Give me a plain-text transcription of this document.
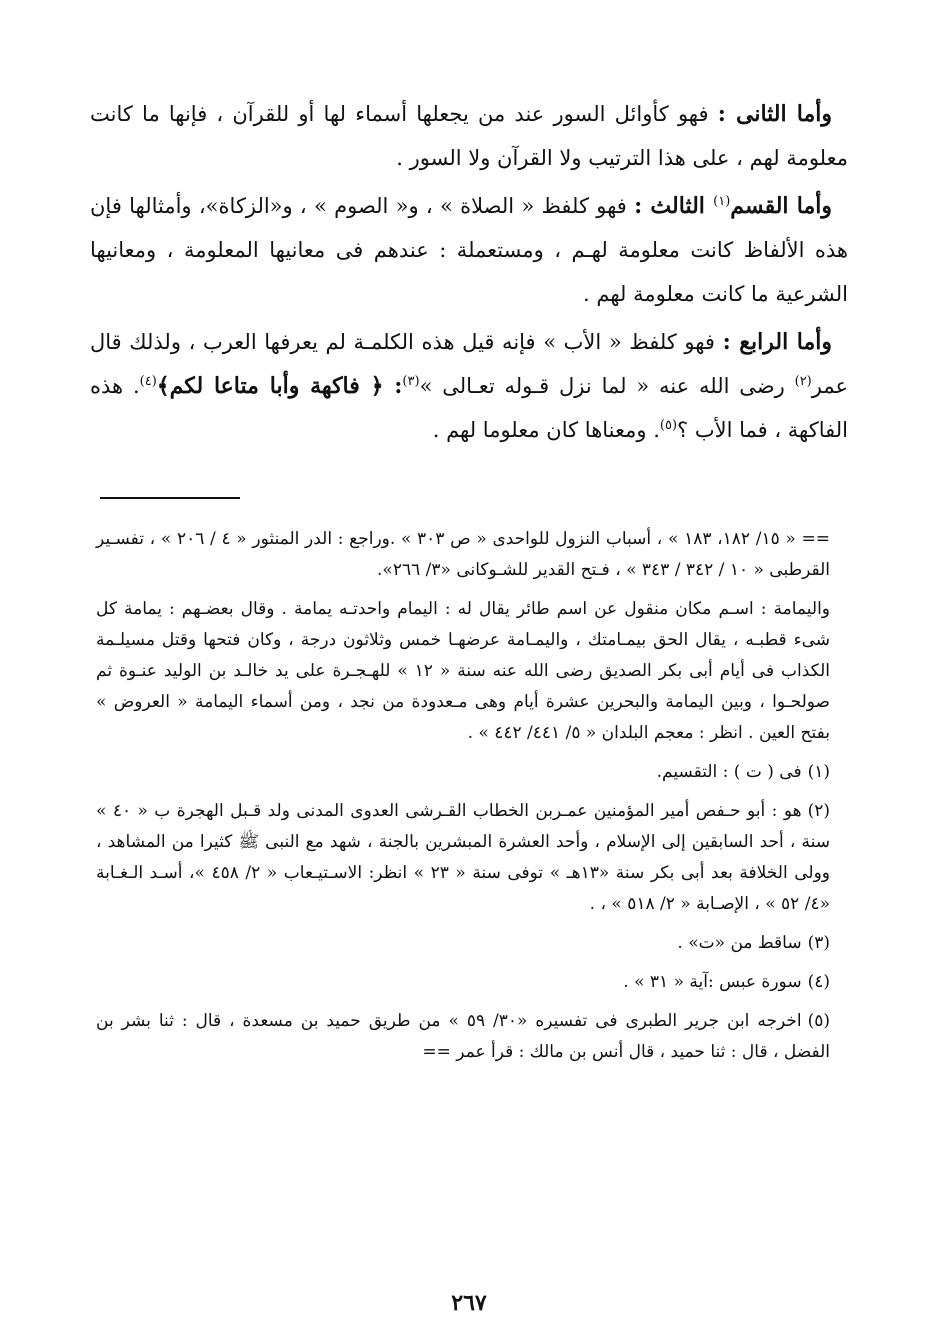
وأما الثانى : فهو كأوائل السور عند من يجعلها أسماء لها أو للقرآن ، فإنها ما كانت معلومة لهم ، على هذا الترتيب ولا القرآن ولا السور .

وأما القسم$^{(١)}$ الثالث : فهو كلفظ « الصلاة » ، و« الصوم » ، و«الزكاة»، وأمثالها فإن هذه الألفاظ كانت معلومة لهـم ، ومستعملة : عندهم فى معانيها المعلومة ، ومعانيها الشرعية ما كانت معلومة لهم .

وأما الرابع : فهو كلفظ « الأب » فإنه قيل هذه الكلمـة لم يعرفها العرب ، ولذلك قال عمر$^{(٢)}$ رضى الله عنه « لما نزل قـوله تعـالى »$^{(٣)}$: ﴿ فاكهة وأبا متاعا لكم﴾$^{(٤)}$. هذه الفاكهة ، فما الأب ؟$^{(٥)}$. ومعناها كان معلوما لهم .

== « ١٥/ ١٨٢، ١٨٣ » ، أسباب النزول للواحدى « ص ٣٠٣ » .وراجع : الدر المنثور « ٤ / ٢٠٦ » ، تفسـير القرطبى « ١٠ / ٣٤٢ / ٣٤٣ » ، فـتح القدير للشـوكانى «٣/ ٢٦٦».

واليمامة : اسـم مكان منقول عن اسم طائر يقال له : اليمام واحدتـه يمامة . وقال بعضـهم : يمامة كل شىء قطبـه ، يقال الحق بيمـامتك ، واليمـامة عرضهـا خمس وثلاثون درجة ، وكان فتحها وقتل مسيلـمة الكذاب فى أيام أبى بكر الصديق رضى الله عنه سنة « ١٢ » للهـجـرة على يد خالـد بن الوليد عنـوة ثم صولحـوا ، وبين اليمامة والبحرين عشرة أيام وهى مـعدودة من نجد ، ومن أسماء اليمامة « العروض » بفتح العين . انظر : معجم البلدان « ٥/ ٤٤١/ ٤٤٢ » .

(١)فى ( ت ) : التقسيم.

(٢)هو : أبو حـفص أمير المؤمنين عمـربن الخطاب القـرشى العدوى المدنى ولد قـبل الهجرة ب « ٤٠ » سنة ، أحد السابقين إلى الإسلام ، وأحد العشرة المبشرين بالجنة ، شهد مع النبى ﷺ كثيرا من المشاهد ، وولى الخلافة بعد أبى بكر سنة «١٣هـ » توفى سنة « ٢٣ » انظر: الاسـتيـعاب « ٢/ ٤٥٨ »، أسـد الـغـابة «٤/ ٥٢ » ، الإصـابة « ٢/ ٥١٨ » ، .

(٣)ساقط من «ت» .

(٤)سورة عبس :آية « ٣١ » .

(٥)اخرجه ابن جرير الطبرى فى تفسيره «٣٠/ ٥٩ » من طريق حميد بن مسعدة ، قال : ثنا بشر بن الفضل ، قال : ثنا حميد ، قال أنس بن مالك : قرأ عمر ==

٢٦٧
